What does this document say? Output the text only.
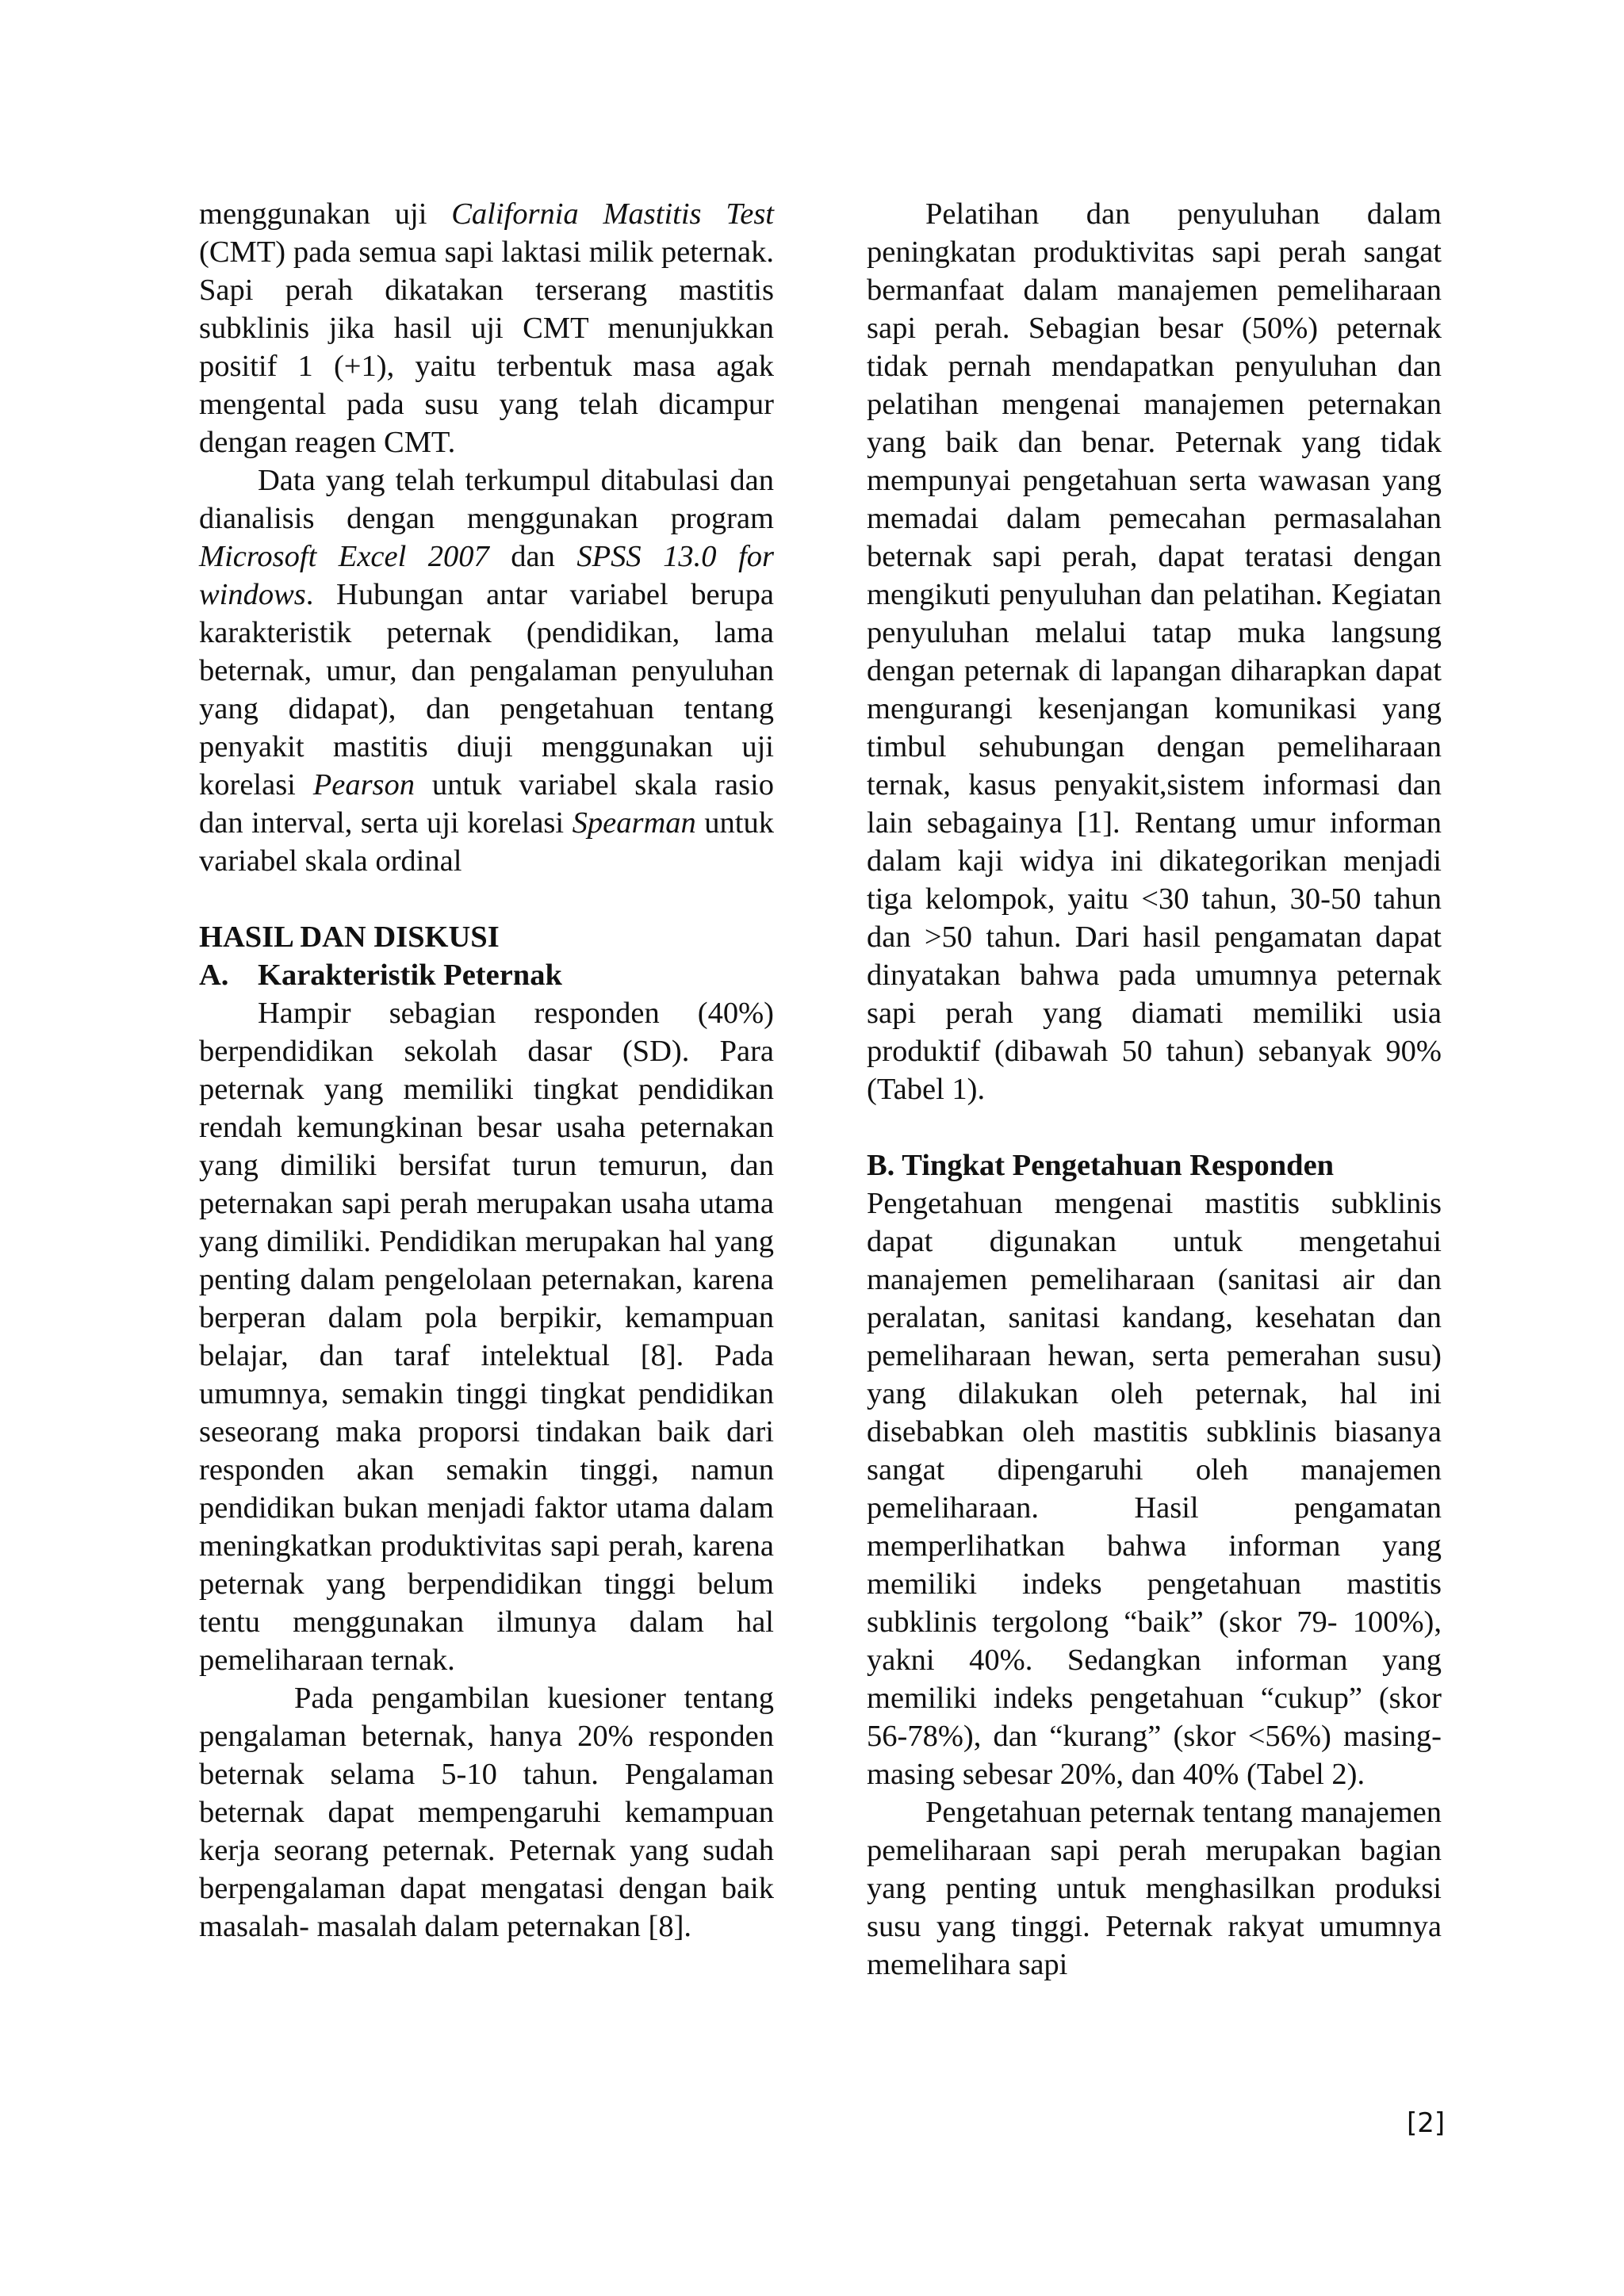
menggunakan uji California Mastitis Test (CMT) pada semua sapi laktasi milik peternak. Sapi perah dikatakan terserang mastitis subklinis jika hasil uji CMT menunjukkan positif 1 (+1), yaitu terbentuk masa agak mengental pada susu yang telah dicampur dengan reagen CMT.

Data yang telah terkumpul ditabulasi dan dianalisis dengan menggunakan program Microsoft Excel 2007 dan SPSS 13.0 for windows. Hubungan antar variabel berupa karakteristik peternak (pendidikan, lama beternak, umur, dan pengalaman penyuluhan yang didapat), dan pengetahuan tentang penyakit mastitis diuji menggunakan uji korelasi Pearson untuk variabel skala rasio dan interval, serta uji korelasi Spearman untuk variabel skala ordinal

HASIL DAN DISKUSI
A. Karakteristik Peternak

Hampir sebagian responden (40%) berpendidikan sekolah dasar (SD). Para peternak yang memiliki tingkat pendidikan rendah kemungkinan besar usaha peternakan yang dimiliki bersifat turun temurun, dan peternakan sapi perah merupakan usaha utama yang dimiliki. Pendidikan merupakan hal yang penting dalam pengelolaan peternakan, karena berperan dalam pola berpikir, kemampuan belajar, dan taraf intelektual [8]. Pada umumnya, semakin tinggi tingkat pendidikan seseorang maka proporsi tindakan baik dari responden akan semakin tinggi, namun pendidikan bukan menjadi faktor utama dalam meningkatkan produktivitas sapi perah, karena peternak yang berpendidikan tinggi belum tentu menggunakan ilmunya dalam hal pemeliharaan ternak.

Pada pengambilan kuesioner tentang pengalaman beternak, hanya 20% responden beternak selama 5-10 tahun. Pengalaman beternak dapat mempengaruhi kemampuan kerja seorang peternak. Peternak yang sudah berpengalaman dapat mengatasi dengan baik masalah- masalah dalam peternakan [8].

Pelatihan dan penyuluhan dalam peningkatan produktivitas sapi perah sangat bermanfaat dalam manajemen pemeliharaan sapi perah. Sebagian besar (50%) peternak tidak pernah mendapatkan penyuluhan dan pelatihan mengenai manajemen peternakan yang baik dan benar. Peternak yang tidak mempunyai pengetahuan serta wawasan yang memadai dalam pemecahan permasalahan beternak sapi perah, dapat teratasi dengan mengikuti penyuluhan dan pelatihan. Kegiatan penyuluhan melalui tatap muka langsung dengan peternak di lapangan diharapkan dapat mengurangi kesenjangan komunikasi yang timbul sehubungan dengan pemeliharaan ternak, kasus penyakit,sistem informasi dan lain sebagainya [1]. Rentang umur informan dalam kaji widya ini dikategorikan menjadi tiga kelompok, yaitu <30 tahun, 30-50 tahun dan >50 tahun. Dari hasil pengamatan dapat dinyatakan bahwa pada umumnya peternak sapi perah yang diamati memiliki usia produktif (dibawah 50 tahun) sebanyak 90% (Tabel 1).

B. Tingkat Pengetahuan Responden

Pengetahuan mengenai mastitis subklinis dapat digunakan untuk mengetahui manajemen pemeliharaan (sanitasi air dan peralatan, sanitasi kandang, kesehatan dan pemeliharaan hewan, serta pemerahan susu) yang dilakukan oleh peternak, hal ini disebabkan oleh mastitis subklinis biasanya sangat dipengaruhi oleh manajemen pemeliharaan. Hasil pengamatan memperlihatkan bahwa informan yang memiliki indeks pengetahuan mastitis subklinis tergolong “baik” (skor 79- 100%), yakni 40%. Sedangkan informan yang memiliki indeks pengetahuan “cukup” (skor 56-78%), dan “kurang” (skor <56%) masing-masing sebesar 20%, dan 40% (Tabel 2).

Pengetahuan peternak tentang manajemen pemeliharaan sapi perah merupakan bagian yang penting untuk menghasilkan produksi susu yang tinggi. Peternak rakyat umumnya memelihara sapi

[2]
